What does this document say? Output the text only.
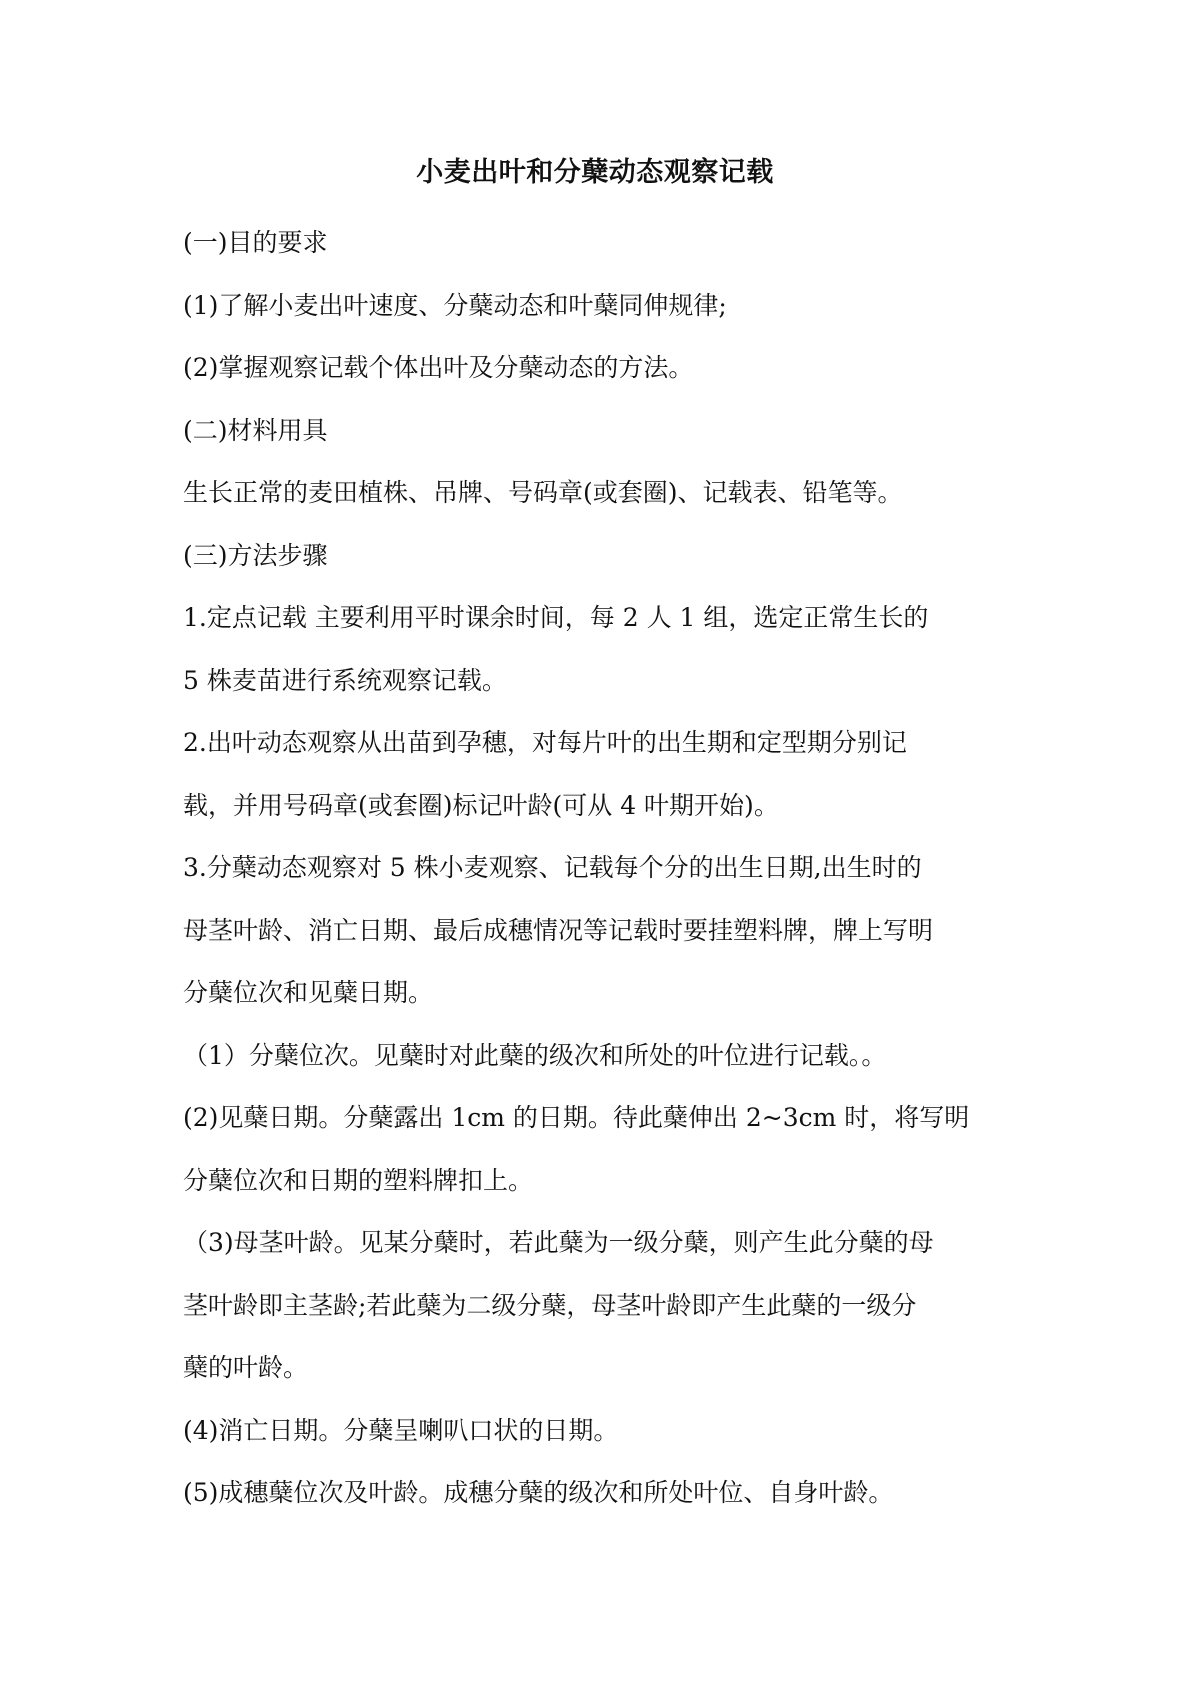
小麦出叶和分蘖动态观察记载
(一)目的要求
(1)了解小麦出叶速度、分蘖动态和叶蘖同伸规律;
(2)掌握观察记载个体出叶及分蘖动态的方法。
(二)材料用具
生长正常的麦田植株、吊牌、号码章(或套圈)、记载表、铅笔等。
(三)方法步骤
1.定点记载 主要利用平时课余时间，每 2 人 1 组，选定正常生长的
5 株麦苗进行系统观察记载。
2.出叶动态观察从出苗到孕穗，对每片叶的出生期和定型期分别记
载，并用号码章(或套圈)标记叶龄(可从 4 叶期开始)。
3.分蘖动态观察对 5 株小麦观察、记载每个分的出生日期,出生时的
母茎叶龄、消亡日期、最后成穗情况等记载时要挂塑料牌，牌上写明
分蘖位次和见蘖日期。
（1）分蘖位次。见蘖时对此蘖的级次和所处的叶位进行记载。。
(2)见蘖日期。分蘖露出 1cm 的日期。待此蘖伸出 2~3cm 时，将写明
分蘖位次和日期的塑料牌扣上。
（3)母茎叶龄。见某分蘖时，若此蘖为一级分蘖，则产生此分蘖的母
茎叶龄即主茎龄;若此蘖为二级分蘖，母茎叶龄即产生此蘖的一级分
蘖的叶龄。
(4)消亡日期。分蘖呈喇叭口状的日期。
(5)成穗蘖位次及叶龄。成穗分蘖的级次和所处叶位、自身叶龄。
